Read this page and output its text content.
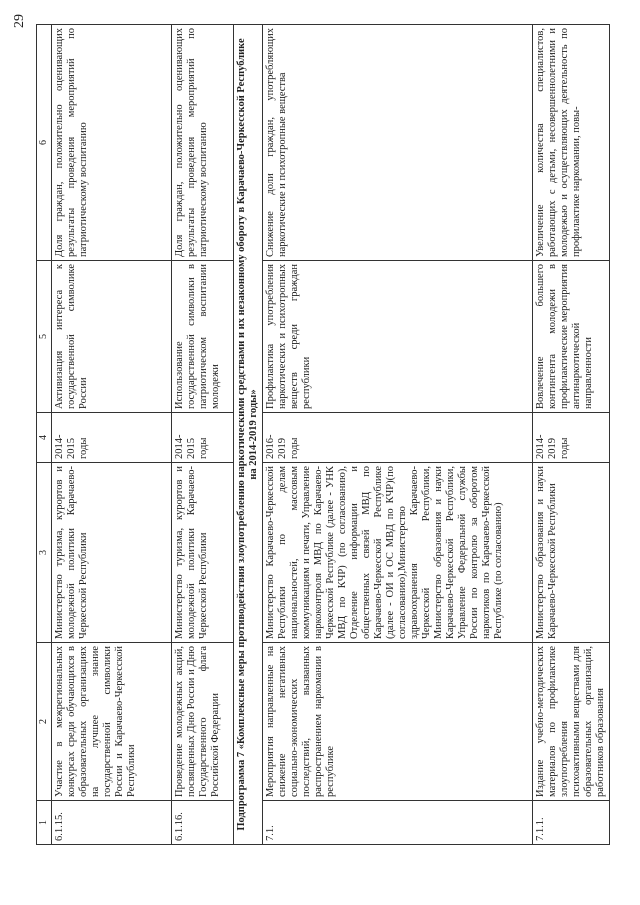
29
1	2	3	4	5	6
6.1.15.	Участие в межрегиональных конкурсах среди обучающихся в образовательных организациях на лучшее знание государственной символики России и Карачаево-Черкесской Республики	Министерство туризма, курортов и молодежной политики Карачаево-Черкесской Республики	2014-2015 годы	Активизация интереса к государственной символике России	Доля граждан, положительно оценивающих результаты проведения мероприятий по патриотическому воспитанию
6.1.16.	Проведение молодежных акций, посвященных Дню России и Дню Государственного флага Российской Федерации	Министерство туризма, курортов и молодежной политики Карачаево-Черкесской Республики	2014-2015 годы	Использование государственной символики в патриотическом воспитании молодежи	Доля граждан, положительно оценивающих результаты проведения мероприятий по патриотическому воспитанию
Подпрограмма 7 «Комплексные меры противодействия злоупотреблению наркотическими средствами и их незаконному обороту в Карачаево-Черкесской Республике на 2014-2019 годы»					
7.1.	Мероприятия направленные на снижение негативных социально-экономических последствий, вызванных распространением наркомании в республике	Министерство Карачаево-Черкесской Республики по делам национальностей, массовым коммуникациям и печати, Управление наркоконтроля МВД по Карачаево-Черкесской Республике (далее - УНК МВД по КЧР) (по согласованию), Отделение информации и общественных связей МВД по Карачаево-Черкесской Республике (далее - ОИ и ОС МВД по КЧР)(по согласованию),Министерство здравоохранения Карачаево-Черкесской Республики, Министерство образования и науки Карачаево-Черкесской Республики, Управление Федеральной службы России по контролю за оборотом наркотиков по Карачаево-Черкесской Республике (по согласованию)	2016-2019 годы	Профилактика употребления наркотических и психотропных веществ среди граждан республики	Снижение доли граждан, употребляющих наркотические и психотропные вещества
7.1.1.	Издание учебно-методических материалов по профилактике злоупотребления психоактивными веществами для образовательных организаций, работников образования	Министерство образования и науки Карачаево-Черкесской Республики	2014-2019 годы	Вовлечение большего контингента молодежи в профилактические мероприятия антинаркотической направленности	Увеличение количества специалистов, работающих с детьми, несовершеннолетними и молодежью и осуществляющих деятельность по профилактике наркомании, повы-
